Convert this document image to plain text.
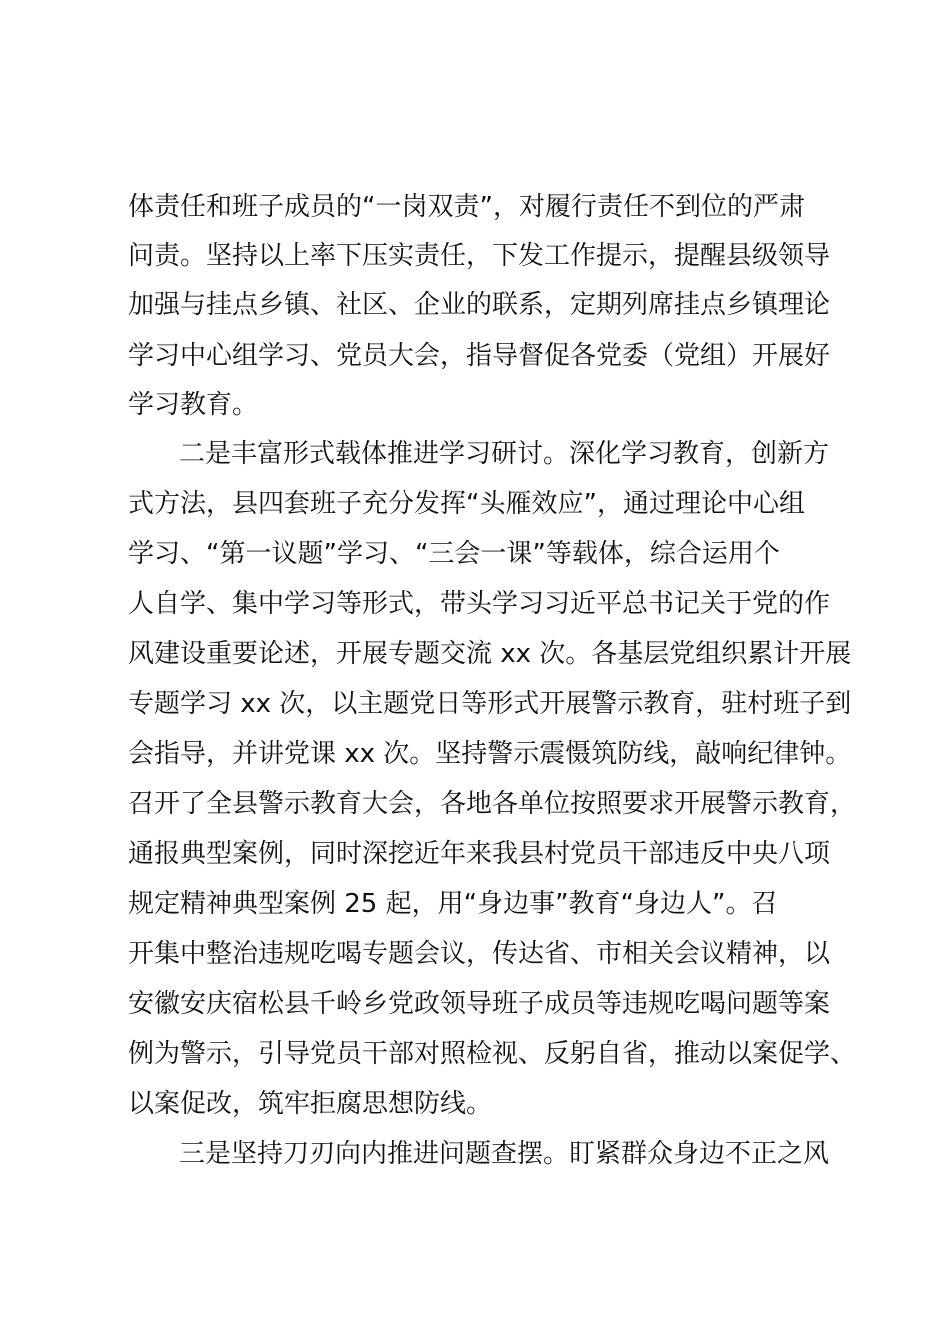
体责任和班子成员的“一岗双责”，对履行责任不到位的严肃
问责。坚持以上率下压实责任，下发工作提示，提醒县级领导
加强与挂点乡镇、社区、企业的联系，定期列席挂点乡镇理论
学习中心组学习、党员大会，指导督促各党委（党组）开展好
学习教育。
二是丰富形式载体推进学习研讨。深化学习教育，创新方
式方法，县四套班子充分发挥“头雁效应”，通过理论中心组
学习、“第一议题”学习、“三会一课”等载体，综合运用个
人自学、集中学习等形式，带头学习习近平总书记关于党的作
风建设重要论述，开展专题交流 xx 次。各基层党组织累计开展
专题学习 xx 次，以主题党日等形式开展警示教育，驻村班子到
会指导，并讲党课 xx 次。坚持警示震慑筑防线，敲响纪律钟。
召开了全县警示教育大会，各地各单位按照要求开展警示教育，
通报典型案例，同时深挖近年来我县村党员干部违反中央八项
规定精神典型案例 25 起，用“身边事”教育“身边人”。召
开集中整治违规吃喝专题会议，传达省、市相关会议精神，以
安徽安庆宿松县千岭乡党政领导班子成员等违规吃喝问题等案
例为警示，引导党员干部对照检视、反躬自省，推动以案促学、
以案促改，筑牢拒腐思想防线。
三是坚持刀刃向内推进问题查摆。盯紧群众身边不正之风
